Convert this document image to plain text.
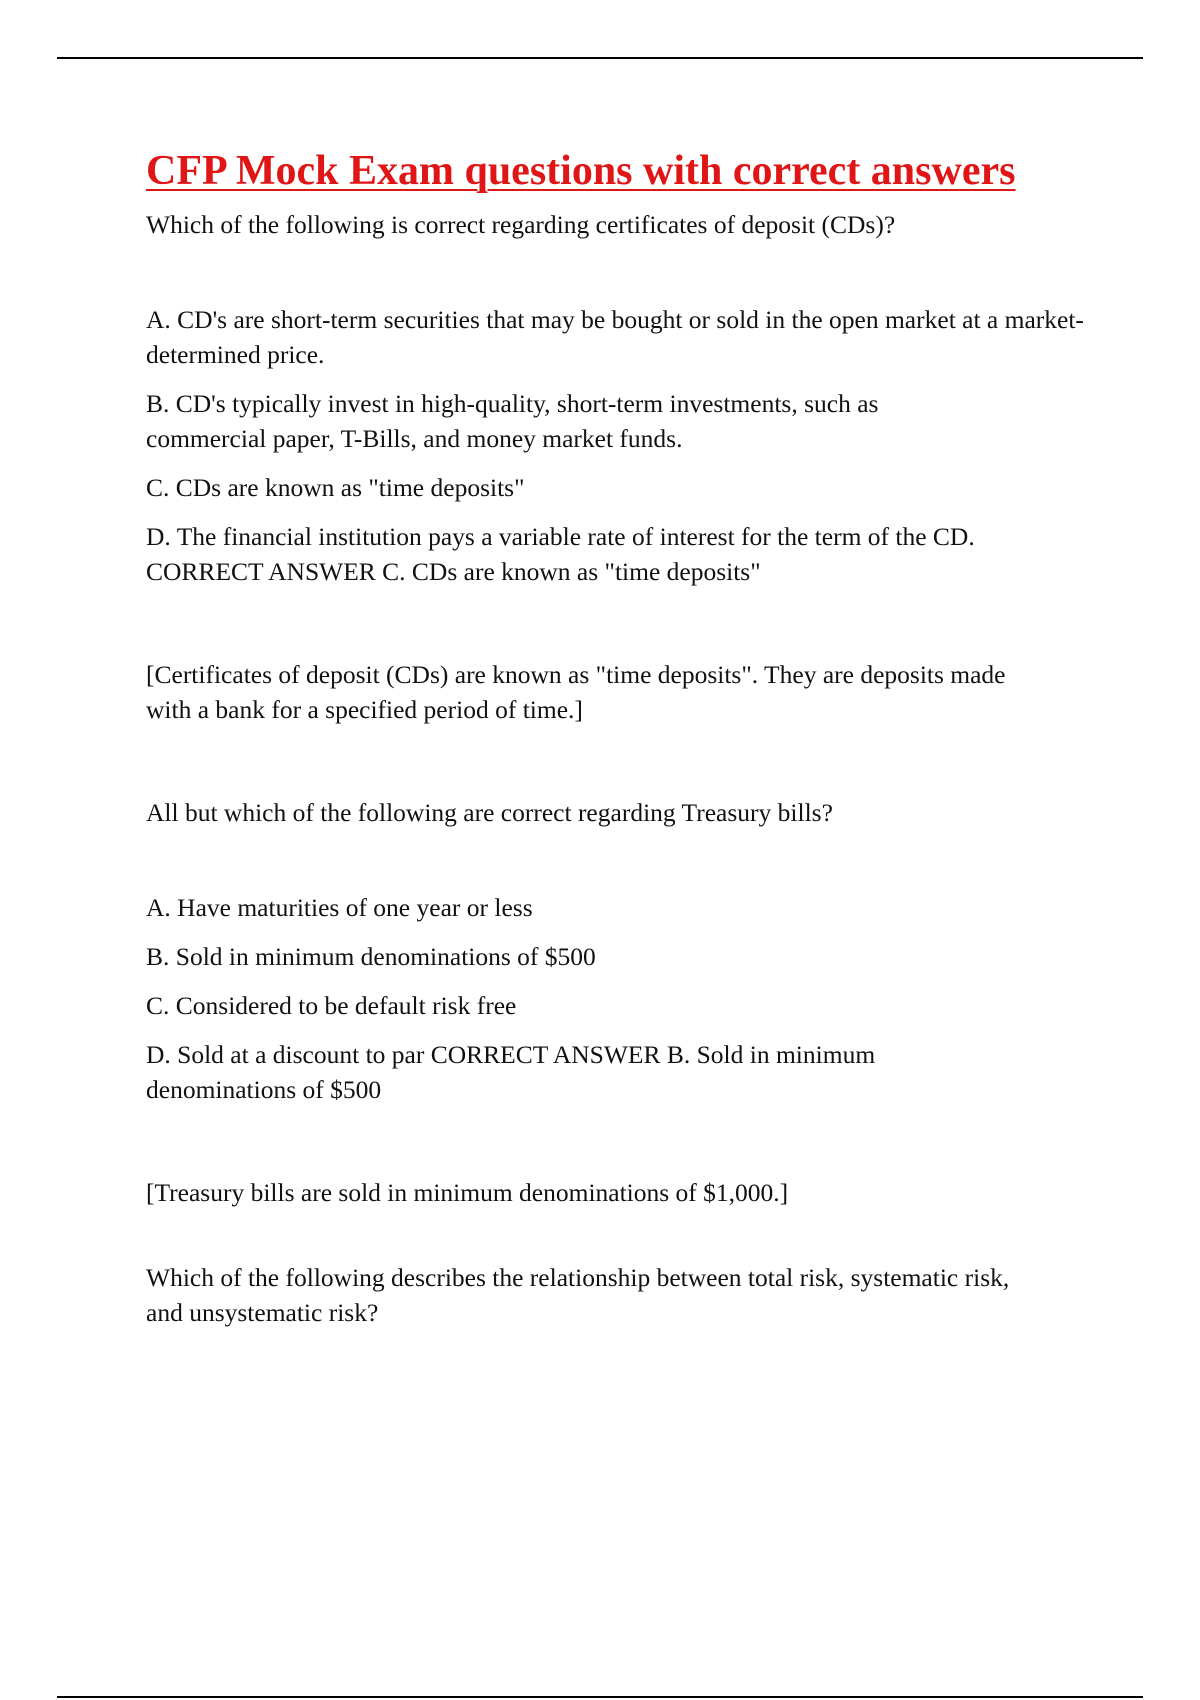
CFP Mock Exam questions with correct answers

Which of the following is correct regarding certificates of deposit (CDs)?

A. CD's are short-term securities that may be bought or sold in the open market at a market-determined price.

B. CD's typically invest in high-quality, short-term investments, such as commercial paper, T-Bills, and money market funds.

C. CDs are known as "time deposits"

D. The financial institution pays a variable rate of interest for the term of the CD.

CORRECT ANSWER C. CDs are known as "time deposits"

[Certificates of deposit (CDs) are known as "time deposits". They are deposits made with a bank for a specified period of time.]

All but which of the following are correct regarding Treasury bills?

A. Have maturities of one year or less

B. Sold in minimum denominations of $500

C. Considered to be default risk free

D. Sold at a discount to par CORRECT ANSWER B. Sold in minimum denominations of $500

[Treasury bills are sold in minimum denominations of $1,000.]

Which of the following describes the relationship between total risk, systematic risk, and unsystematic risk?
